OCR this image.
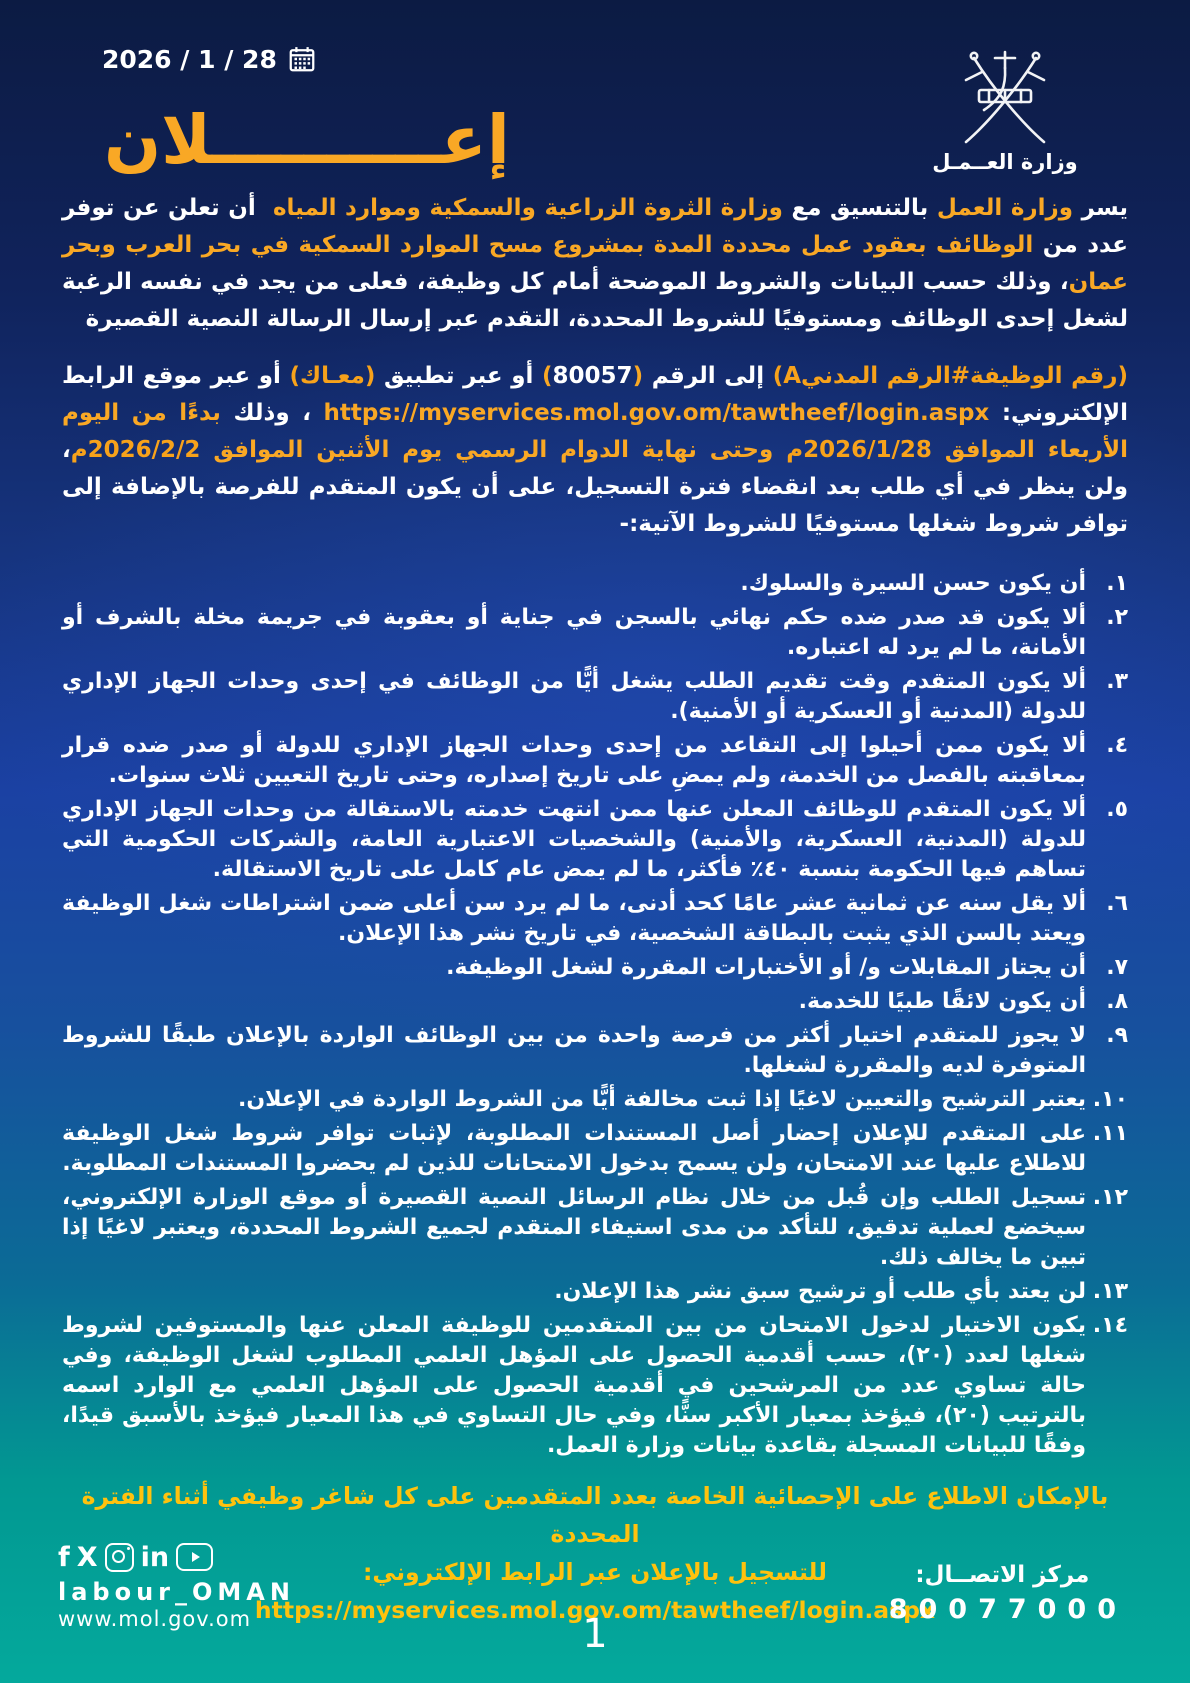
2026 / 1 / 28
إعــــــــــلان	وزارة العــمـل

يسر وزارة العمل بالتنسيق مع وزارة الثروة الزراعية والسمكية وموارد المياه  أن تعلن عن توفر عدد من الوظائف بعقود عمل محددة المدة بمشروع مسح الموارد السمكية في بحر العرب وبحر عمان، وذلك حسب البيانات والشروط الموضحة أمام كل وظيفة، فعلى من يجد في نفسه الرغبة لشغل إحدى الوظائف ومستوفيًا للشروط المحددة، التقدم عبر إرسال الرسالة النصية القصيرة

(رقم الوظيفة#الرقم المدنيA) إلى الرقم (80057) أو عبر تطبيق (معـاك) أو عبر موقع الرابط الإلكتروني: https://myservices.mol.gov.om/tawtheef/login.aspx ، وذلك بدءًا من اليوم الأربعاء الموافق 2026/1/28م وحتى نهاية الدوام الرسمي يوم الأثنين الموافق 2026/2/2م، ولن ينظر في أي طلب بعد انقضاء فترة التسجيل، على أن يكون المتقدم للفرصة بالإضافة إلى توافر شروط شغلها مستوفيًا للشروط الآتية:-

١.
أن يكون حسن السيرة والسلوك.
٢.
ألا يكون قد صدر ضده حكم نهائي بالسجن في جناية أو بعقوبة في جريمة مخلة بالشرف أو الأمانة، ما لم يرد له اعتباره.
٣.
ألا يكون المتقدم وقت تقديم الطلب يشغل أيًّا من الوظائف في إحدى وحدات الجهاز الإداري للدولة (المدنية أو العسكرية أو الأمنية).
٤.
ألا يكون ممن أحيلوا إلى التقاعد من إحدى وحدات الجهاز الإداري للدولة أو صدر ضده قرار بمعاقبته بالفصل من الخدمة، ولم يمضِ على تاريخ إصداره، وحتى تاريخ التعيين ثلاث سنوات.
٥.
ألا يكون المتقدم للوظائف المعلن عنها ممن انتهت خدمته بالاستقالة من وحدات الجهاز الإداري للدولة (المدنية، العسكرية، والأمنية) والشخصيات الاعتبارية العامة، والشركات الحكومية التي تساهم فيها الحكومة بنسبة ٤٠٪ فأكثر، ما لم يمض عام كامل على تاريخ الاستقالة.
٦.
ألا يقل سنه عن ثمانية عشر عامًا كحد أدنى، ما لم يرد سن أعلى ضمن اشتراطات شغل الوظيفة ويعتد بالسن الذي يثبت بالبطاقة الشخصية، في تاريخ نشر هذا الإعلان.
٧.
أن يجتاز المقابلات و/ أو الأختبارات المقررة لشغل الوظيفة.
٨.
أن يكون لائقًا طبيًا للخدمة.
٩.
لا يجوز للمتقدم اختيار أكثر من فرصة واحدة من بين الوظائف الواردة بالإعلان طبقًا للشروط المتوفرة لديه والمقررة لشغلها.
١٠.
يعتبر الترشيح والتعيين لاغيًا إذا ثبت مخالفة أيًّا من الشروط الواردة في الإعلان.
١١.
على المتقدم للإعلان إحضار أصل المستندات المطلوبة، لإثبات توافر شروط شغل الوظيفة للاطلاع عليها عند الامتحان، ولن يسمح بدخول الامتحانات للذين لم يحضروا المستندات المطلوبة.
١٢.
تسجيل الطلب وإن قُبل من خلال نظام الرسائل النصية القصيرة أو موقع الوزارة الإلكتروني، سيخضع لعملية تدقيق، للتأكد من مدى استيفاء المتقدم لجميع الشروط المحددة، ويعتبر لاغيًا إذا تبين ما يخالف ذلك.
١٣.
لن يعتد بأي طلب أو ترشيح سبق نشر هذا الإعلان.
١٤.
يكون الاختيار لدخول الامتحان من بين المتقدمين للوظيفة المعلن عنها والمستوفين لشروط شغلها لعدد (٢٠)، حسب أقدمية الحصول على المؤهل العلمي المطلوب لشغل الوظيفة، وفي حالة تساوي عدد من المرشحين في أقدمية الحصول على المؤهل العلمي مع الوارد اسمه بالترتيب (٢٠)، فيؤخذ بمعيار الأكبر سنًّا، وفي حال التساوي في هذا المعيار فيؤخذ بالأسبق قيدًا، وفقًا للبيانات المسجلة بقاعدة بيانات وزارة العمل.
بالإمكان الاطلاع على الإحصائية الخاصة بعدد المتقدمين على كل شاغر وظيفي أثناء الفترة المحددة
للتسجيل بالإعلان عبر الرابط الإلكتروني: https://myservices.mol.gov.om/tawtheef/login.aspx
f X in
labour_OMAN
www.mol.gov.om	1
مركز الاتصــال:
80077000
